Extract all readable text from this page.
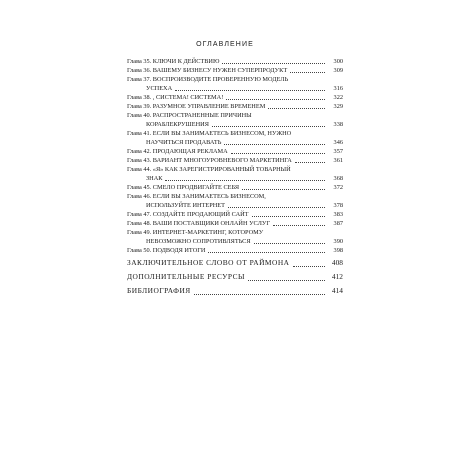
ОГЛАВЛЕНИЕ
Глава 35. КЛЮЧИ К ДЕЙСТВИЮ	300
Глава 36. ВАШЕМУ БИЗНЕСУ НУЖЕН СУПЕРПРОДУКТ	309
Глава 37. ВОСПРОИЗВОДИТЕ ПРОВЕРЕННУЮ МОДЕЛЬ
УСПЕХА	316
Глава 38. , СИСТЕМА! СИСТЕМА!	322
Глава 39. РАЗУМНОЕ УПРАВЛЕНИЕ ВРЕМЕНЕМ	329
Глава 40. РАСПРОСТРАНЕННЫЕ ПРИЧИНЫ
КОРАБЛЕКРУШЕНИЯ	338
Глава 41. ЕСЛИ ВЫ ЗАНИМАЕТЕСЬ БИЗНЕСОМ, НУЖНО
НАУЧИТЬСЯ ПРОДАВАТЬ	346
Глава 42. ПРОДАЮЩАЯ РЕКЛАМА	357
Глава 43. ВАРИАНТ МНОГОУРОВНЕВОГО МАРКЕТИНГА	361
Глава 44. «Я» КАК ЗАРЕГИСТРИРОВАННЫЙ ТОВАРНЫЙ
ЗНАК	368
Глава 45. СМЕЛО ПРОДВИГАЙТЕ СЕБЯ	372
Глава 46. ЕСЛИ ВЫ ЗАНИМАЕТЕСЬ БИЗНЕСОМ,
ИСПОЛЬЗУЙТЕ ИНТЕРНЕТ	378
Глава 47. СОЗДАЙТЕ ПРОДАЮЩИЙ САЙТ	383
Глава 48. ВАШИ ПОСТАВЩИКИ ОНЛАЙН УСЛУГ	387
Глава 49. ИНТЕРНЕТ-МАРКЕТИНГ, КОТОРОМУ
НЕВОЗМОЖНО СОПРОТИВЛЯТЬСЯ	390
Глава 50. ПОДВОДЯ ИТОГИ	398
ЗАКЛЮЧИТЕЛЬНОЕ СЛОВО ОТ РАЙМОНА	408
ДОПОЛНИТЕЛЬНЫЕ РЕСУРСЫ	412
БИБЛИОГРАФИЯ	414
